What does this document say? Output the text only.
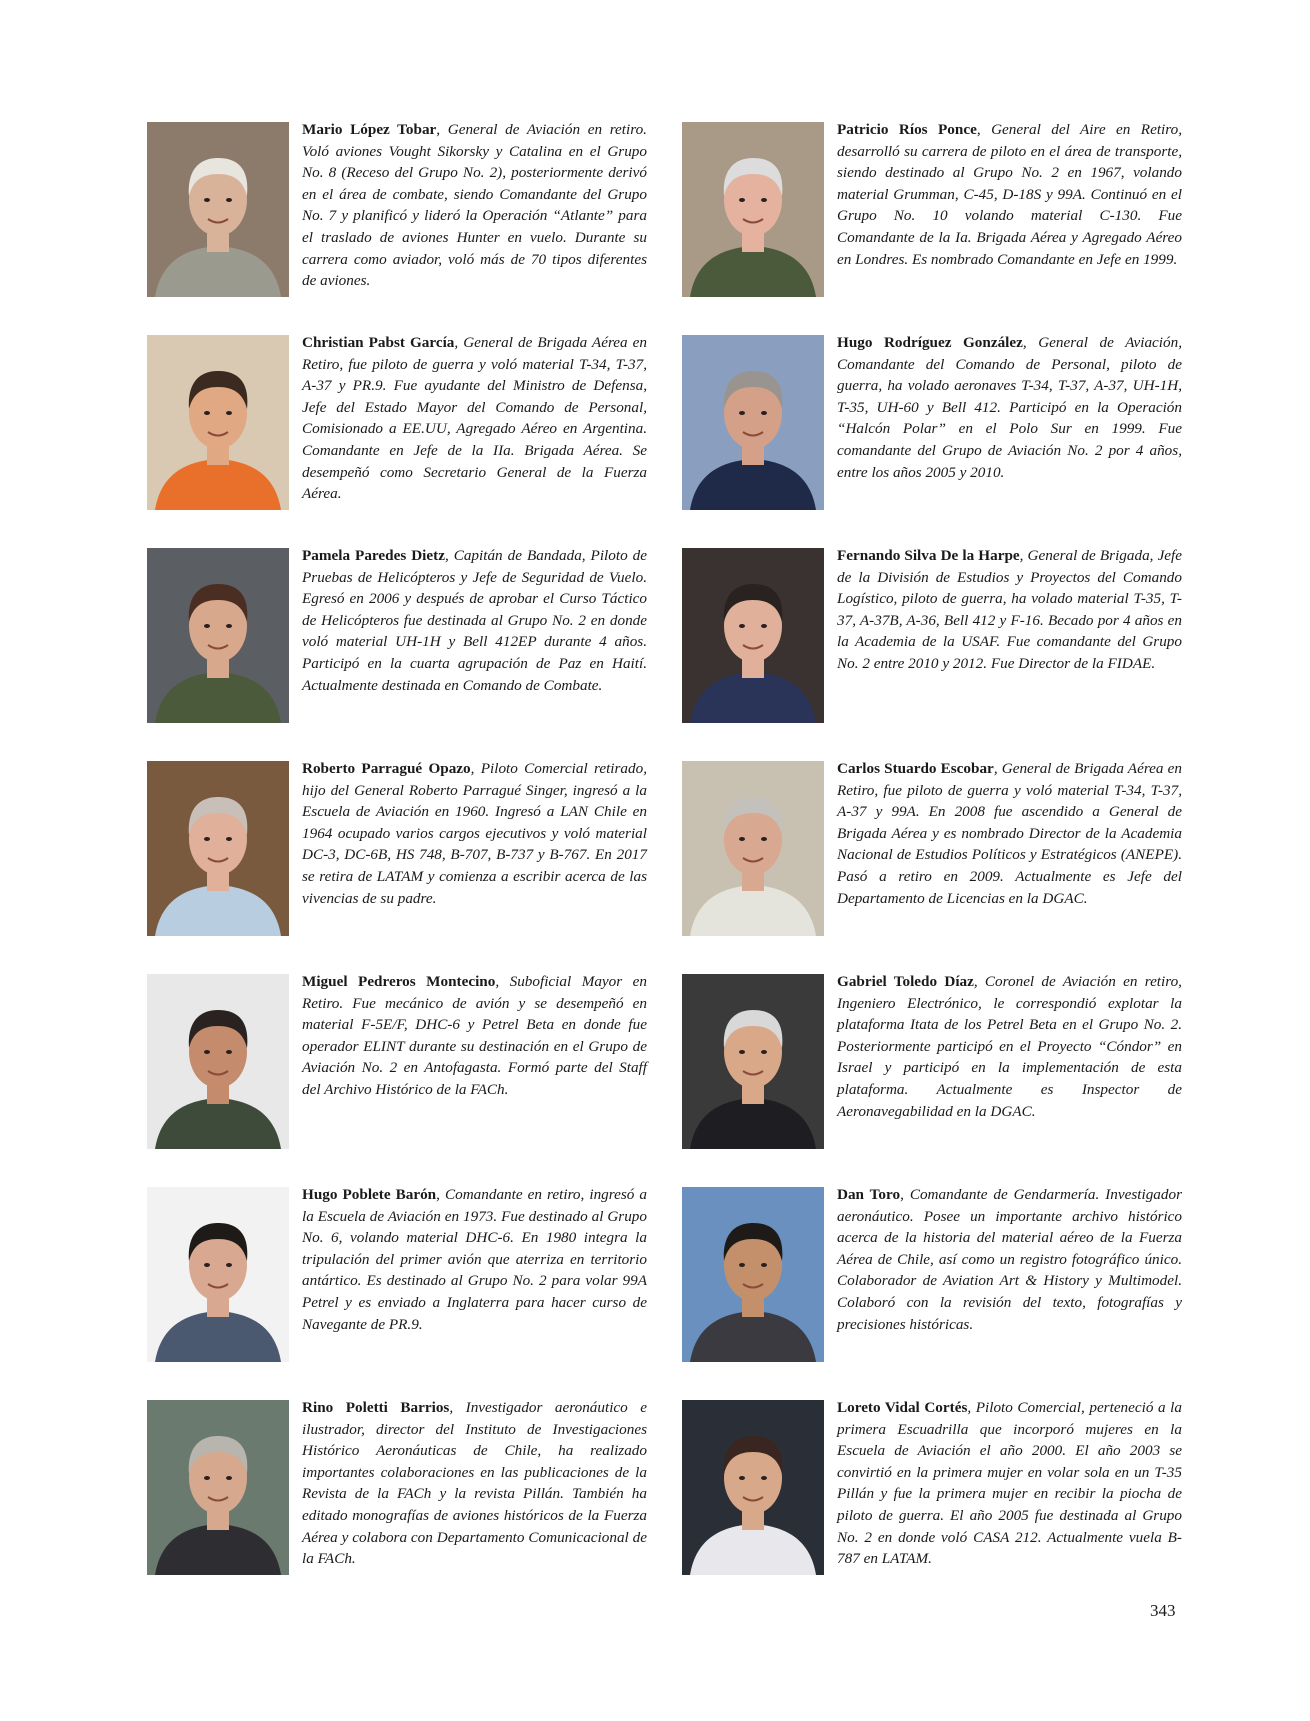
Mario López Tobar, General de Aviación en retiro. Voló aviones Vought Sikorsky y Catalina en el Grupo No. 8 (Receso del Grupo No. 2), posteriormente derivó en el área de combate, siendo Comandante del Grupo No. 7 y planificó y lideró la Operación “Atlante” para el traslado de aviones Hunter en vuelo. Durante su carrera como aviador, voló más de 70 tipos diferentes de aviones.
Christian Pabst García, General de Brigada Aérea en Retiro, fue piloto de guerra y voló material T-34, T-37, A-37 y PR.9. Fue ayudante del Ministro de Defensa, Jefe del Estado Mayor del Comando de Personal, Comisionado a EE.UU, Agregado Aéreo en Argentina. Comandante en Jefe de la IIa. Brigada Aérea. Se desempeñó como Secretario General de la Fuerza Aérea.
Pamela Paredes Dietz, Capitán de Bandada, Piloto de Pruebas de Helicópteros y Jefe de Seguridad de Vuelo. Egresó en 2006 y después de aprobar el Curso Táctico de Helicópteros fue destinada al Grupo No. 2 en donde voló material UH-1H y Bell 412EP durante 4 años. Participó en la cuarta agrupación de Paz en Haití. Actualmente destinada en Comando de Combate.
Roberto Parragué Opazo, Piloto Comercial retirado, hijo del General Roberto Parragué Singer, ingresó a la Escuela de Aviación en 1960. Ingresó a LAN Chile en 1964 ocupado varios cargos ejecutivos y voló material DC-3, DC-6B, HS 748, B-707, B-737 y B-767. En 2017 se retira de LATAM y comienza a escribir acerca de las vivencias de su padre.
Miguel Pedreros Montecino, Suboficial Mayor en Retiro. Fue mecánico de avión y se desempeñó en material F-5E/F, DHC-6 y Petrel Beta en donde fue operador ELINT durante su destinación en el Grupo de Aviación No. 2 en Antofagasta. Formó parte del Staff del Archivo Histórico de la FACh.
Hugo Poblete Barón, Comandante en retiro, ingresó a la Escuela de Aviación en 1973. Fue destinado al Grupo No. 6, volando material DHC-6. En 1980 integra la tripulación del primer avión que aterriza en territorio antártico. Es destinado al Grupo No. 2 para volar 99A Petrel y es enviado a Inglaterra para hacer curso de Navegante de PR.9.
Rino Poletti Barrios, Investigador aeronáutico e ilustrador, director del Instituto de Investigaciones Histórico Aeronáuticas de Chile, ha realizado importantes colaboraciones en las publicaciones de la Revista de la FACh y la revista Pillán. También ha editado monografías de aviones históricos de la Fuerza Aérea y colabora con Departamento Comunicacional de la FACh.
Patricio Ríos Ponce, General del Aire en Retiro, desarrolló su carrera de piloto en el área de transporte, siendo destinado al Grupo No. 2 en 1967, volando material Grumman, C-45, D-18S y 99A. Continuó en el Grupo No. 10 volando material C-130. Fue Comandante de la Ia. Brigada Aérea y Agregado Aéreo en Londres. Es nombrado Comandante en Jefe en 1999.
Hugo Rodríguez González, General de Aviación, Comandante del Comando de Personal, piloto de guerra, ha volado aeronaves T-34, T-37, A-37, UH-1H, T-35, UH-60 y Bell 412. Participó en la Operación “Halcón Polar” en el Polo Sur en 1999. Fue comandante del Grupo de Aviación No. 2 por 4 años, entre los años 2005 y 2010.
Fernando Silva De la Harpe, General de Brigada, Jefe de la División de Estudios y Proyectos del Comando Logístico, piloto de guerra, ha volado material T-35, T-37, A-37B, A-36, Bell 412 y F-16. Becado por 4 años en la Academia de la USAF. Fue comandante del Grupo No. 2 entre 2010 y 2012. Fue Director de la FIDAE.
Carlos Stuardo Escobar, General de Brigada Aérea en Retiro, fue piloto de guerra y voló material T-34, T-37, A-37 y 99A. En 2008 fue ascendido a General de Brigada Aérea y es nombrado Director de la Academia Nacional de Estudios Políticos y Estratégicos (ANEPE). Pasó a retiro en 2009. Actualmente es Jefe del Departamento de Licencias en la DGAC.
Gabriel Toledo Díaz, Coronel de Aviación en retiro, Ingeniero Electrónico, le correspondió explotar la plataforma Itata de los Petrel Beta en el Grupo No. 2. Posteriormente participó en el Proyecto “Cóndor” en Israel y participó en la implementación de esta plataforma. Actualmente es Inspector de Aeronavegabilidad en la DGAC.
Dan Toro, Comandante de Gendarmería. Investigador aeronáutico. Posee un importante archivo histórico acerca de la historia del material aéreo de la Fuerza Aérea de Chile, así como un registro fotográfico único. Colaborador de Aviation Art & History y Multimodel. Colaboró con la revisión del texto, fotografías y precisiones históricas.
Loreto Vidal Cortés, Piloto Comercial, perteneció a la primera Escuadrilla que incorporó mujeres en la Escuela de Aviación el año 2000. El año 2003 se convirtió en la primera mujer en volar sola en un T-35 Pillán y fue la primera mujer en recibir la piocha de piloto de guerra. El año 2005 fue destinada al Grupo No. 2 en donde voló CASA 212. Actualmente vuela B-787 en LATAM.
343
